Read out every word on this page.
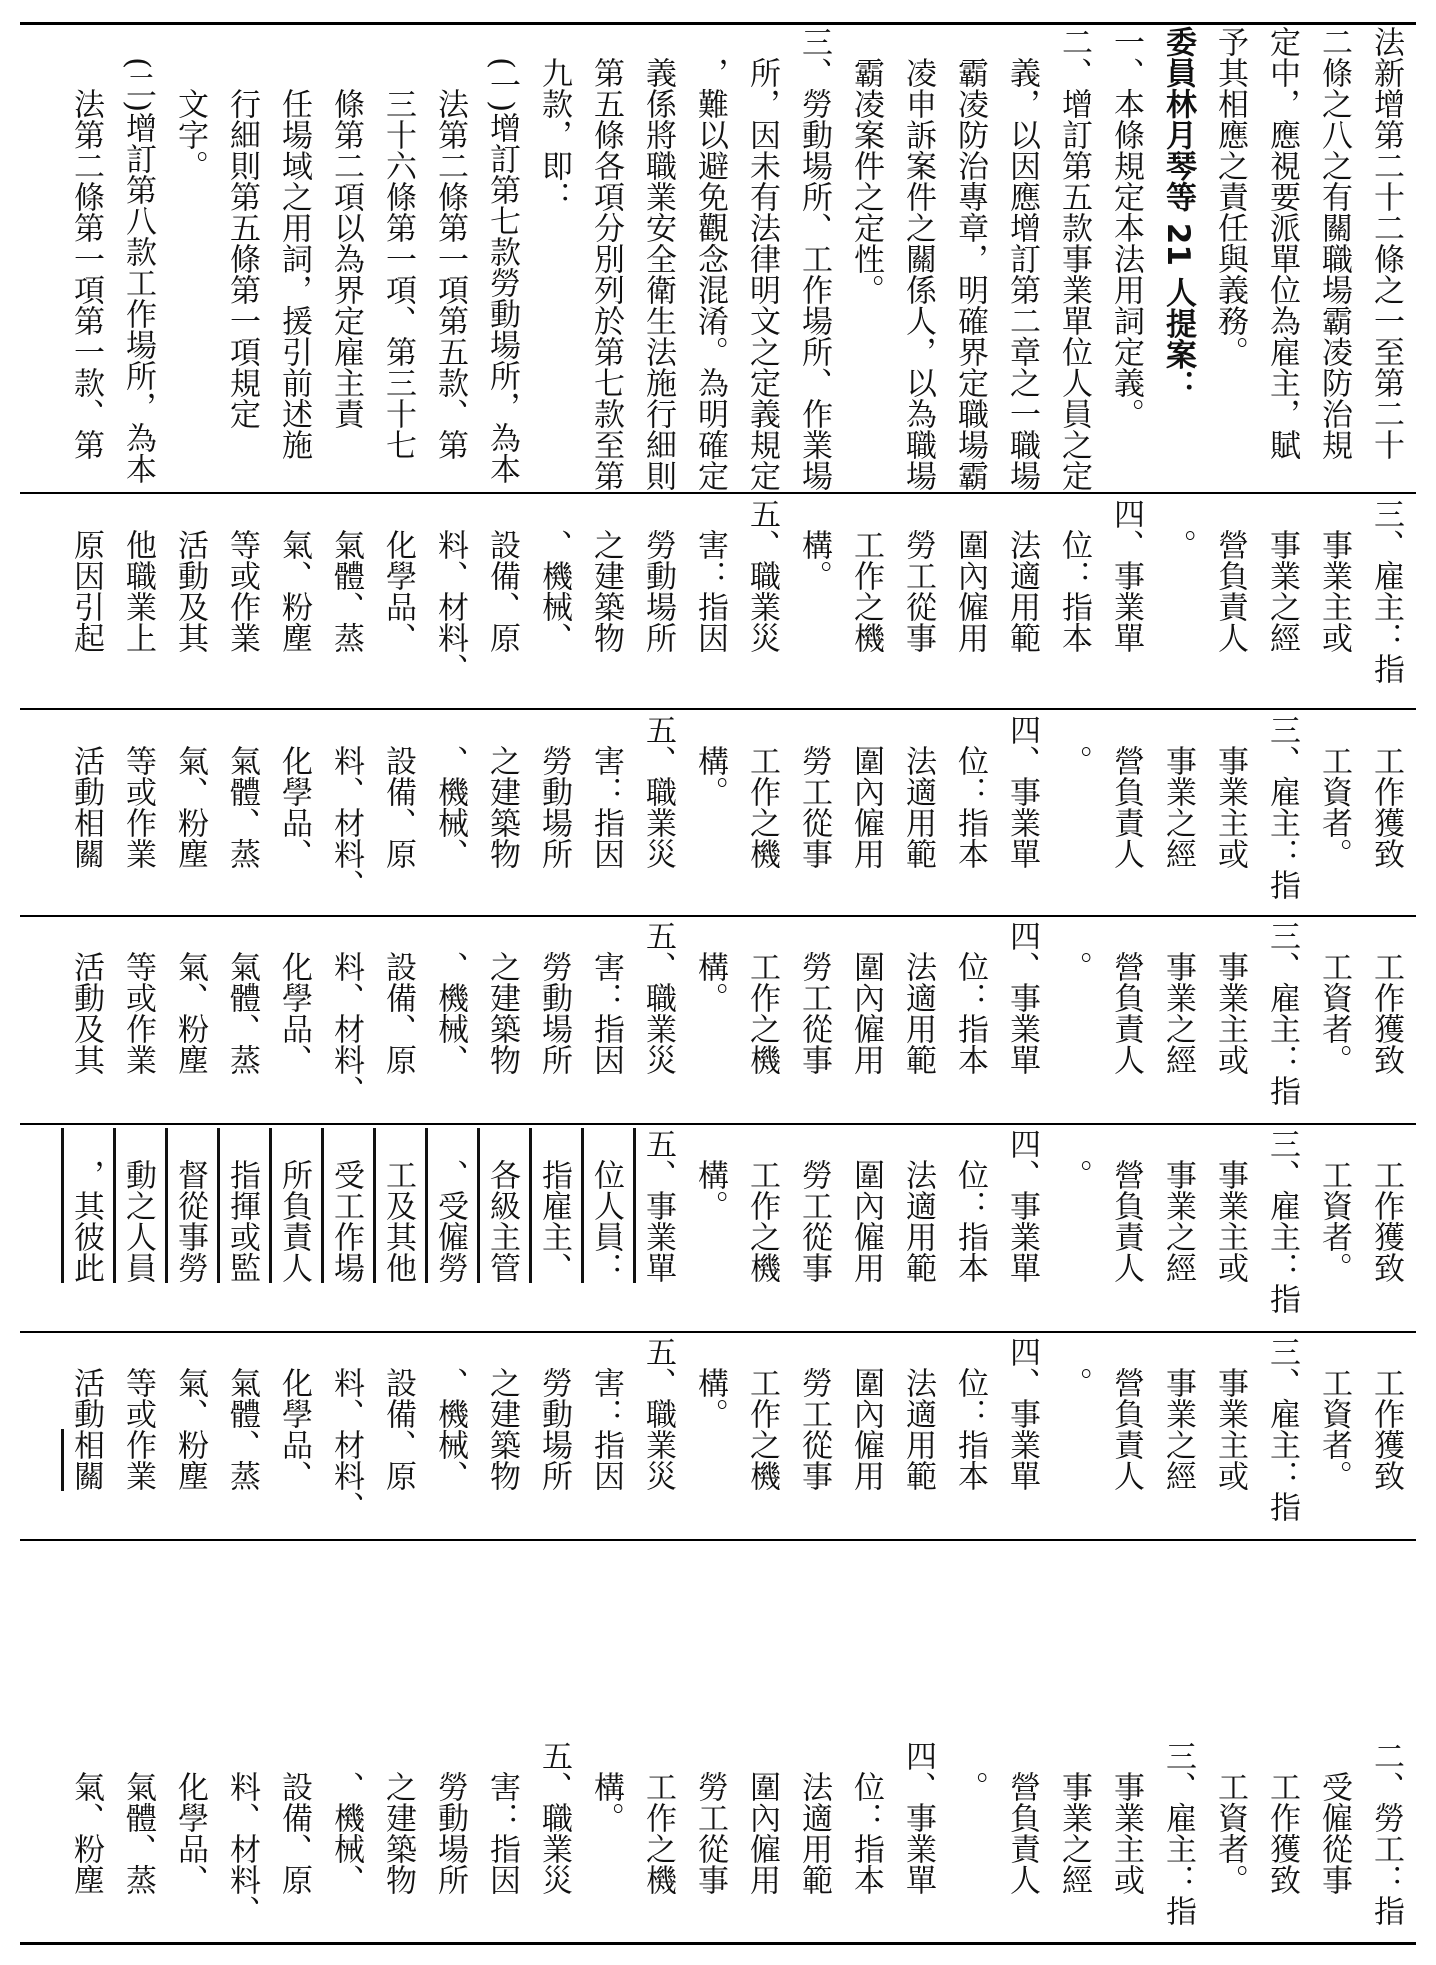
法新增第二十二條之一至第二十
二條之八之有關職場霸凌防治規
定中，應視要派單位為雇主，賦
予其相應之責任與義務。
委員林月琴等 21 人提案：
一、本條規定本法用詞定義。
二、增訂第五款事業單位人員之定
　義，以因應增訂第二章之一職場
　霸凌防治專章，明確界定職場霸
　凌申訴案件之關係人，以為職場
　霸凌案件之定性。
三、勞動場所、工作場所、作業場
　所，因未有法律明文之定義規定
　，難以避免觀念混淆。為明確定
　義係將職業安全衛生法施行細則
　第五條各項分別列於第七款至第
　九款，即：
　(一)增訂第七款勞動場所，為本
　　法第二條第一項第五款、第
　　三十六條第一項、第三十七
　　條第二項以為界定雇主責
　　任場域之用詞，援引前述施
　　行細則第五條第一項規定
　　文字。
　(二)增訂第八款工作場所，為本
　　法第二條第一項第一款、第
三、雇主：指
　事業主或
　事業之經
　營負責人
　。
四、事業單
　位：指本
　法適用範
　圍內僱用
　勞工從事
　工作之機
　構。
五、職業災
　害：指因
　勞動場所
　之建築物
　、機械、
　設備、原
　料、材料、
　化學品、
　氣體、蒸
　氣、粉塵
　等或作業
　活動及其
　他職業上
　原因引起
　工作獲致
　工資者。
三、雇主：指
　事業主或
　事業之經
　營負責人
　。
四、事業單
　位：指本
　法適用範
　圍內僱用
　勞工從事
　工作之機
　構。
五、職業災
　害：指因
　勞動場所
　之建築物
　、機械、
　設備、原
　料、材料、
　化學品、
　氣體、蒸
　氣、粉塵
　等或作業
　活動相關
　工作獲致
　工資者。
三、雇主：指
　事業主或
　事業之經
　營負責人
　。
四、事業單
　位：指本
　法適用範
　圍內僱用
　勞工從事
　工作之機
　構。
五、職業災
　害：指因
　勞動場所
　之建築物
　、機械、
　設備、原
　料、材料、
　化學品、
　氣體、蒸
　氣、粉塵
　等或作業
　活動及其
　工作獲致
　工資者。
三、雇主：指
　事業主或
　事業之經
　營負責人
　。
四、事業單
　位：指本
　法適用範
　圍內僱用
　勞工從事
　工作之機
　構。
五、事業單
　位人員：
　指雇主、
　各級主管
　、受僱勞
　工及其他
　受工作場
　所負責人
　指揮或監
　督從事勞
　動之人員
　，其彼此
　工作獲致
　工資者。
三、雇主：指
　事業主或
　事業之經
　營負責人
　。
四、事業單
　位：指本
　法適用範
　圍內僱用
　勞工從事
　工作之機
　構。
五、職業災
　害：指因
　勞動場所
　之建築物
　、機械、
　設備、原
　料、材料、
　化學品、
　氣體、蒸
　氣、粉塵
　等或作業
　活動相關
二、勞工：指
　受僱從事
　工作獲致
　工資者。
三、雇主：指
　事業主或
　事業之經
　營負責人
　。
四、事業單
　位：指本
　法適用範
　圍內僱用
　勞工從事
　工作之機
　構。
五、職業災
　害：指因
　勞動場所
　之建築物
　、機械、
　設備、原
　料、材料、
　化學品、
　氣體、蒸
　氣、粉塵
